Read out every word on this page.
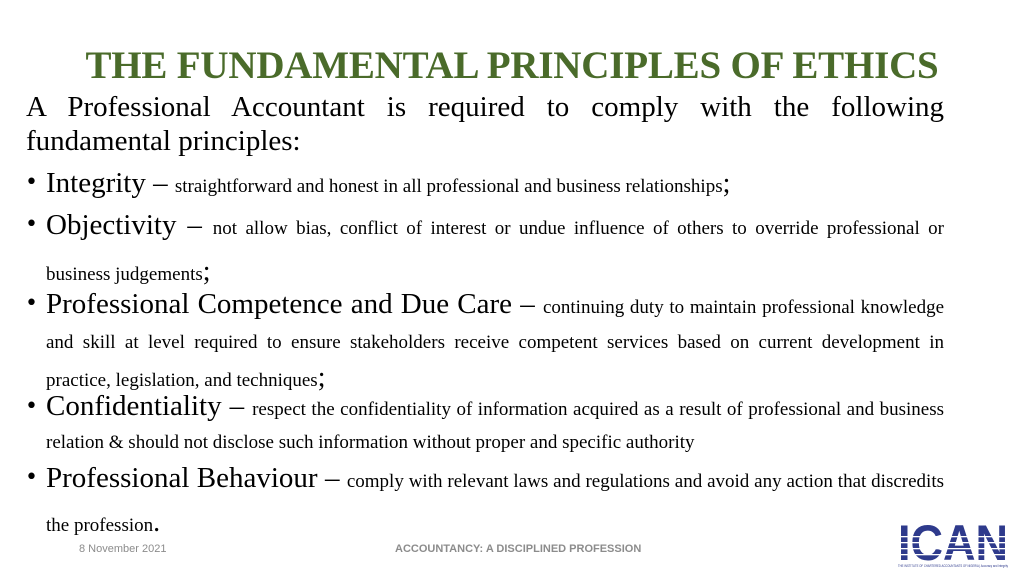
THE FUNDAMENTAL PRINCIPLES OF ETHICS
A Professional Accountant is required to comply with the following fundamental principles:
• Integrity – straightforward and honest in all professional and business relationships;
• Objectivity – not allow bias, conflict of interest or undue influence of others to override professional or business judgements;
• Professional Competence and Due Care – continuing duty to maintain professional knowledge and skill at level required to ensure stakeholders receive competent services based on current development in practice, legislation, and techniques;
• Confidentiality – respect the confidentiality of information acquired as a result of professional and business relation & should not disclose such information without proper and specific authority
• Professional Behaviour – comply with relevant laws and regulations and avoid any action that discredits the profession.
8 November 2021	ACCOUNTANCY: A DISCIPLINED PROFESSION
THE INSTITUTE OF CHARTERED ACCOUNTANTS OF NIGERIA | Accuracy and Integrity
